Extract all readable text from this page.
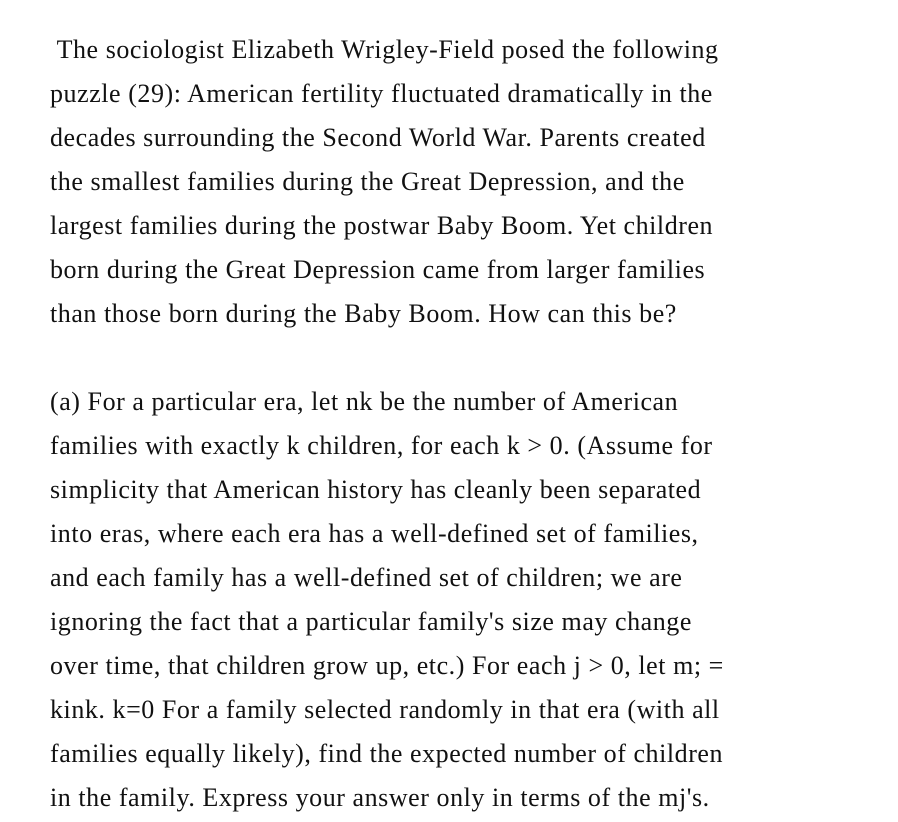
The sociologist Elizabeth Wrigley-Field posed the following
puzzle (29): American fertility fluctuated dramatically in the
decades surrounding the Second World War. Parents created
the smallest families during the Great Depression, and the
largest families during the postwar Baby Boom. Yet children
born during the Great Depression came from larger families
than those born during the Baby Boom. How can this be?
(a) For a particular era, let nk be the number of American
families with exactly k children, for each k > 0. (Assume for
simplicity that American history has cleanly been separated
into eras, where each era has a well-defined set of families,
and each family has a well-defined set of children; we are
ignoring the fact that a particular family's size may change
over time, that children grow up, etc.) For each j > 0, let m; =
kink. k=0 For a family selected randomly in that era (with all
families equally likely), find the expected number of children
in the family. Express your answer only in terms of the mj's.
